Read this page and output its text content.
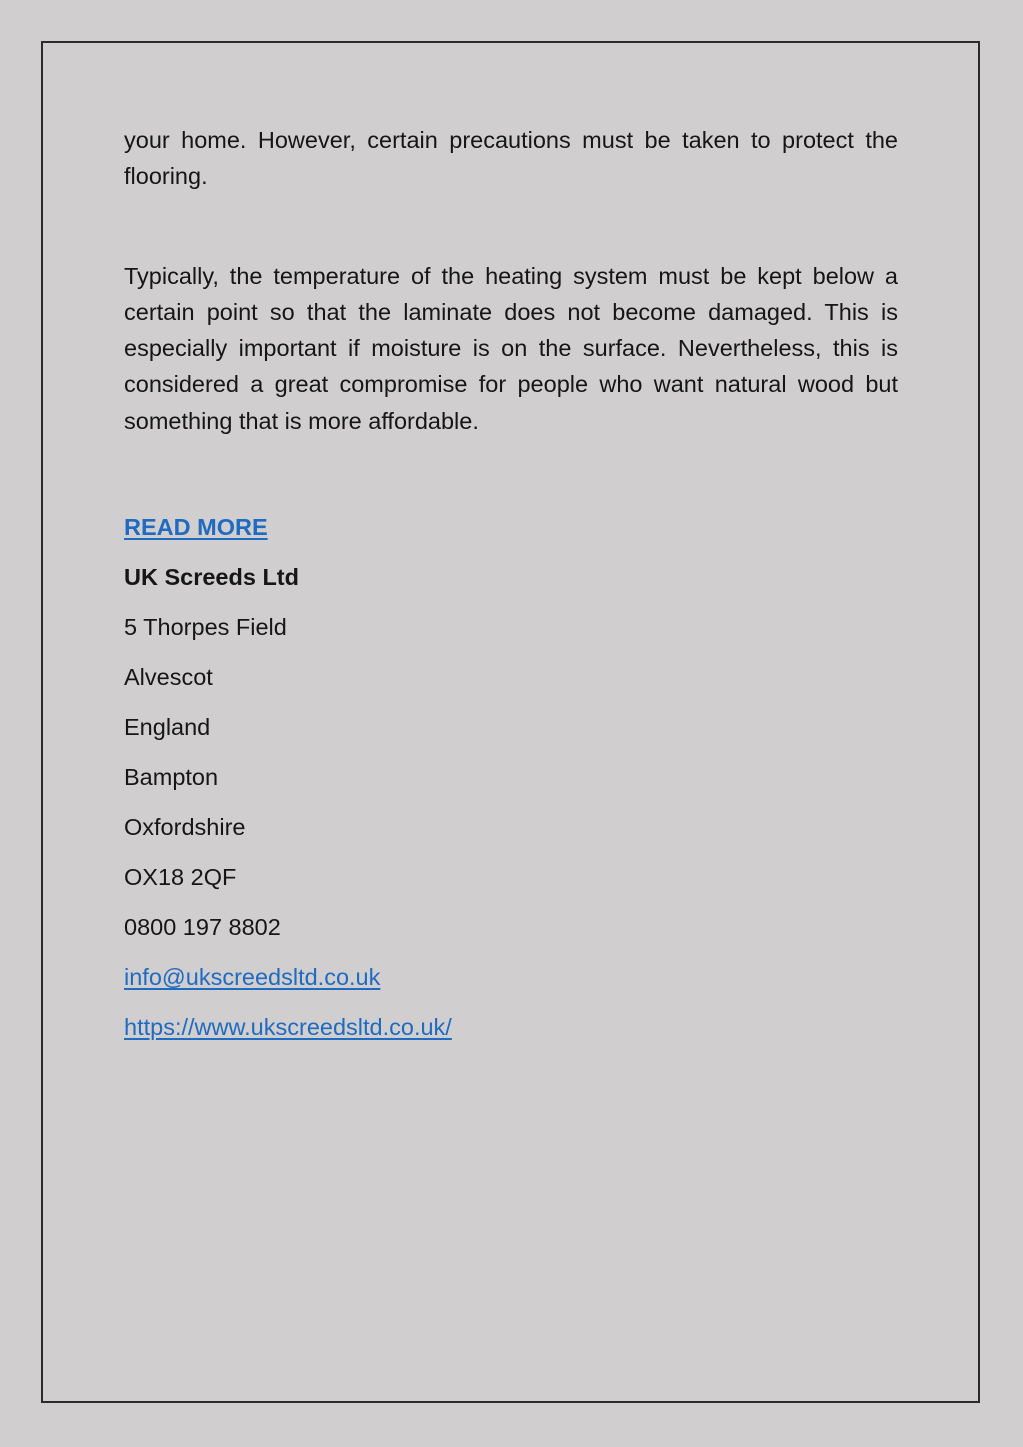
your home. However, certain precautions must be taken to protect the flooring.

Typically, the temperature of the heating system must be kept below a certain point so that the laminate does not become damaged. This is especially important if moisture is on the surface. Nevertheless, this is considered a great compromise for people who want natural wood but something that is more affordable.

READ MORE

UK Screeds Ltd

5 Thorpes Field

Alvescot

England

Bampton

Oxfordshire

OX18 2QF

0800 197 8802

info@ukscreedsltd.co.uk

https://www.ukscreedsltd.co.uk/
